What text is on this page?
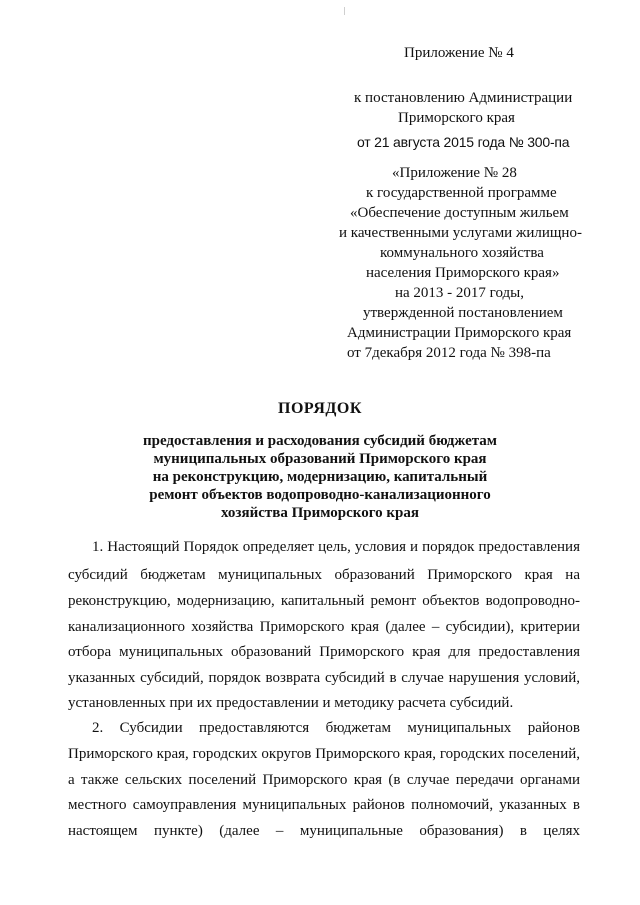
Приложение № 4
к постановлению Администрации
Приморского края
от 21 августа 2015 года № 300-па
«Приложение № 28
к государственной программе
«Обеспечение доступным жильем
и качественными услугами жилищно-
коммунального хозяйства
населения Приморского края»
на 2013 - 2017 годы,
утвержденной постановлением
Администрации Приморского края
от 7декабря 2012 года № 398-па
ПОРЯДОК
предоставления и расходования субсидий бюджетам
муниципальных образований Приморского края
на реконструкцию, модернизацию, капитальный
ремонт объектов водопроводно-канализационного
хозяйства Приморского края
1. Настоящий Порядок определяет цель, условия и порядок предоставления
субсидий бюджетам муниципальных образований Приморского края на
реконструкцию, модернизацию, капитальный ремонт объектов водопроводно-
канализационного хозяйства Приморского края (далее – субсидии), критерии
отбора муниципальных образований Приморского края для предоставления
указанных субсидий, порядок возврата субсидий в случае нарушения условий,
установленных при их предоставлении и методику расчета субсидий.
2. Субсидии предоставляются бюджетам муниципальных районов
Приморского края, городских округов Приморского края, городских поселений,
а также сельских поселений Приморского края (в случае передачи органами
местного самоуправления муниципальных районов полномочий, указанных в
настоящем пункте) (далее – муниципальные образования) в целях
